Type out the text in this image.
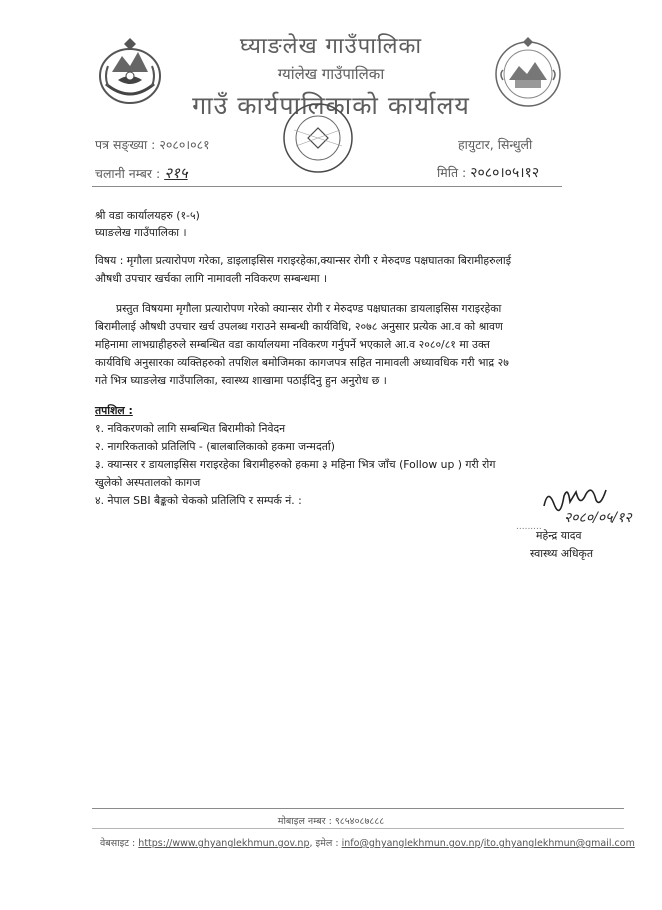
घ्याङलेख गाउँपालिका
ग्यांलेख गाउँपालिका
गाउँ कार्यपालिकाको कार्यालय
पत्र सङ्ख्या : २०८०।०८१	हायुटार, सिन्धुली
चलानी नम्बर : २१५	मिति : २०८०।०५।१२
श्री वडा कार्यालयहरु (१-५)
घ्याङलेख गाउँपालिका ।
विषय : मृगौला प्रत्यारोपण गरेका, डाइलाइसिस गराइरहेका,क्यान्सर रोगी र मेरुदण्ड पक्षघातका बिरामीहरुलाई
औषधी उपचार खर्चका लागि नामावली नविकरण सम्बन्धमा ।
प्रस्तुत विषयमा मृगौला प्रत्यारोपण गरेको क्यान्सर रोगी र मेरुदण्ड पक्षघातका डायलाइसिस गराइरहेका
बिरामीलाई औषधी उपचार खर्च उपलब्ध गराउने सम्बन्धी कार्यविधि, २०७८ अनुसार प्रत्येक आ.व को श्रावण
महिनामा लाभग्राहीहरुले सम्बन्धित वडा कार्यालयमा नविकरण गर्नुपर्ने भएकाले आ.व २०८०/८१ मा उक्त
कार्यविधि अनुसारका व्यक्तिहरुको तपशिल बमोजिमका कागजपत्र सहित नामावली अध्यावधिक गरी भाद्र २७
गते भित्र घ्याङलेख गाउँपालिका, स्वास्थ्य शाखामा पठाईदिनु हुन अनुरोध छ ।
तपशिल :
१. नविकरणको लागि सम्बन्धित बिरामीको निवेदन
२. नागरिकताको प्रतिलिपि - (बालबालिकाको हकमा जन्मदर्ता)
३. क्यान्सर र डायलाइसिस गराइरहेका बिरामीहरुको हकमा ३ महिना भित्र जाँच (Follow up ) गरी रोग
खुलेको अस्पतालको कागज
४. नेपाल SBI बैङ्कको चेकको प्रतिलिपि र सम्पर्क नं. :
२०८०/०५/१२
.........
महेन्द्र यादव
स्वास्थ्य अधिकृत
मोबाइल नम्बर : ९८५४०८७८८८
वेबसाइट : https://www.ghyanglekhmun.gov.np, इमेल : info@ghyanglekhmun.gov.np/ito.ghyanglekhmun@gmail.com
